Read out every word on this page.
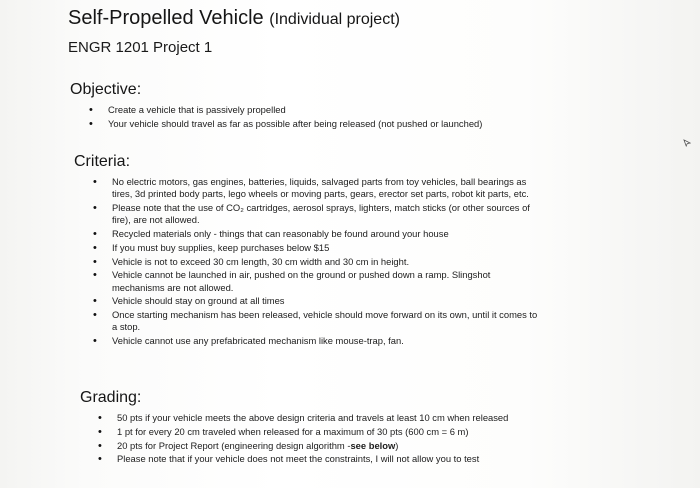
Self-Propelled Vehicle (Individual project)
ENGR 1201 Project 1
Objective:
• Create a vehicle that is passively propelled
• Your vehicle should travel as far as possible after being released (not pushed or launched)
Criteria:
• No electric motors, gas engines, batteries, liquids, salvaged parts from toy vehicles, ball bearings as tires, 3d printed body parts, lego wheels or moving parts, gears, erector set parts, robot kit parts, etc.
• Please note that the use of CO₂ cartridges, aerosol sprays, lighters, match sticks (or other sources of fire), are not allowed.
• Recycled materials only - things that can reasonably be found around your house
• If you must buy supplies, keep purchases below $15
• Vehicle is not to exceed 30 cm length, 30 cm width and 30 cm in height.
• Vehicle cannot be launched in air, pushed on the ground or pushed down a ramp. Slingshot mechanisms are not allowed.
• Vehicle should stay on ground at all times
• Once starting mechanism has been released, vehicle should move forward on its own, until it comes to a stop.
• Vehicle cannot use any prefabricated mechanism like mouse-trap, fan.
Grading:
• 50 pts if your vehicle meets the above design criteria and travels at least 10 cm when released
• 1 pt for every 20 cm traveled when released for a maximum of 30 pts (600 cm = 6 m)
• 20 pts for Project Report (engineering design algorithm -see below)
• Please note that if your vehicle does not meet the constraints, I will not allow you to test
